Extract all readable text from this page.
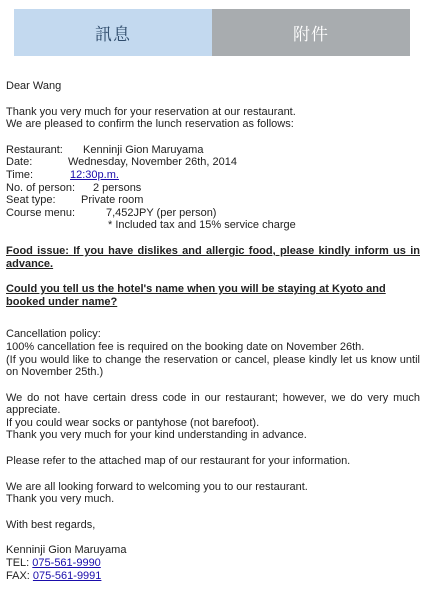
訊息	附件

Dear Wang

Thank you very much for your reservation at our restaurant.

We are pleased to confirm the lunch reservation as follows:

Restaurant: Kenninji Gion Maruyama
Date:	Wednesday, November 26th, 2014
Time:	12:30p.m.
No. of person: 2 persons
Seat type: Private room
Course menu:	7,452JPY (per person)
* Included tax and 15% service charge

Food issue: If you have dislikes and allergic food, please kindly inform us in advance.

Could you tell us the hotel's name when you will be staying at Kyoto and booked under name?

Cancellation policy:

100% cancellation fee is required on the booking date on November 26th.

(If you would like to change the reservation or cancel, please kindly let us know until on November 25th.)

We do not have certain dress code in our restaurant; however, we do very much appreciate.

If you could wear socks or pantyhose (not barefoot).

Thank you very much for your kind understanding in advance.

Please refer to the attached map of our restaurant for your information.

We are all looking forward to welcoming you to our restaurant.

Thank you very much.

With best regards,

Kenninji Gion Maruyama

TEL: 075-561-9990
FAX: 075-561-9991
